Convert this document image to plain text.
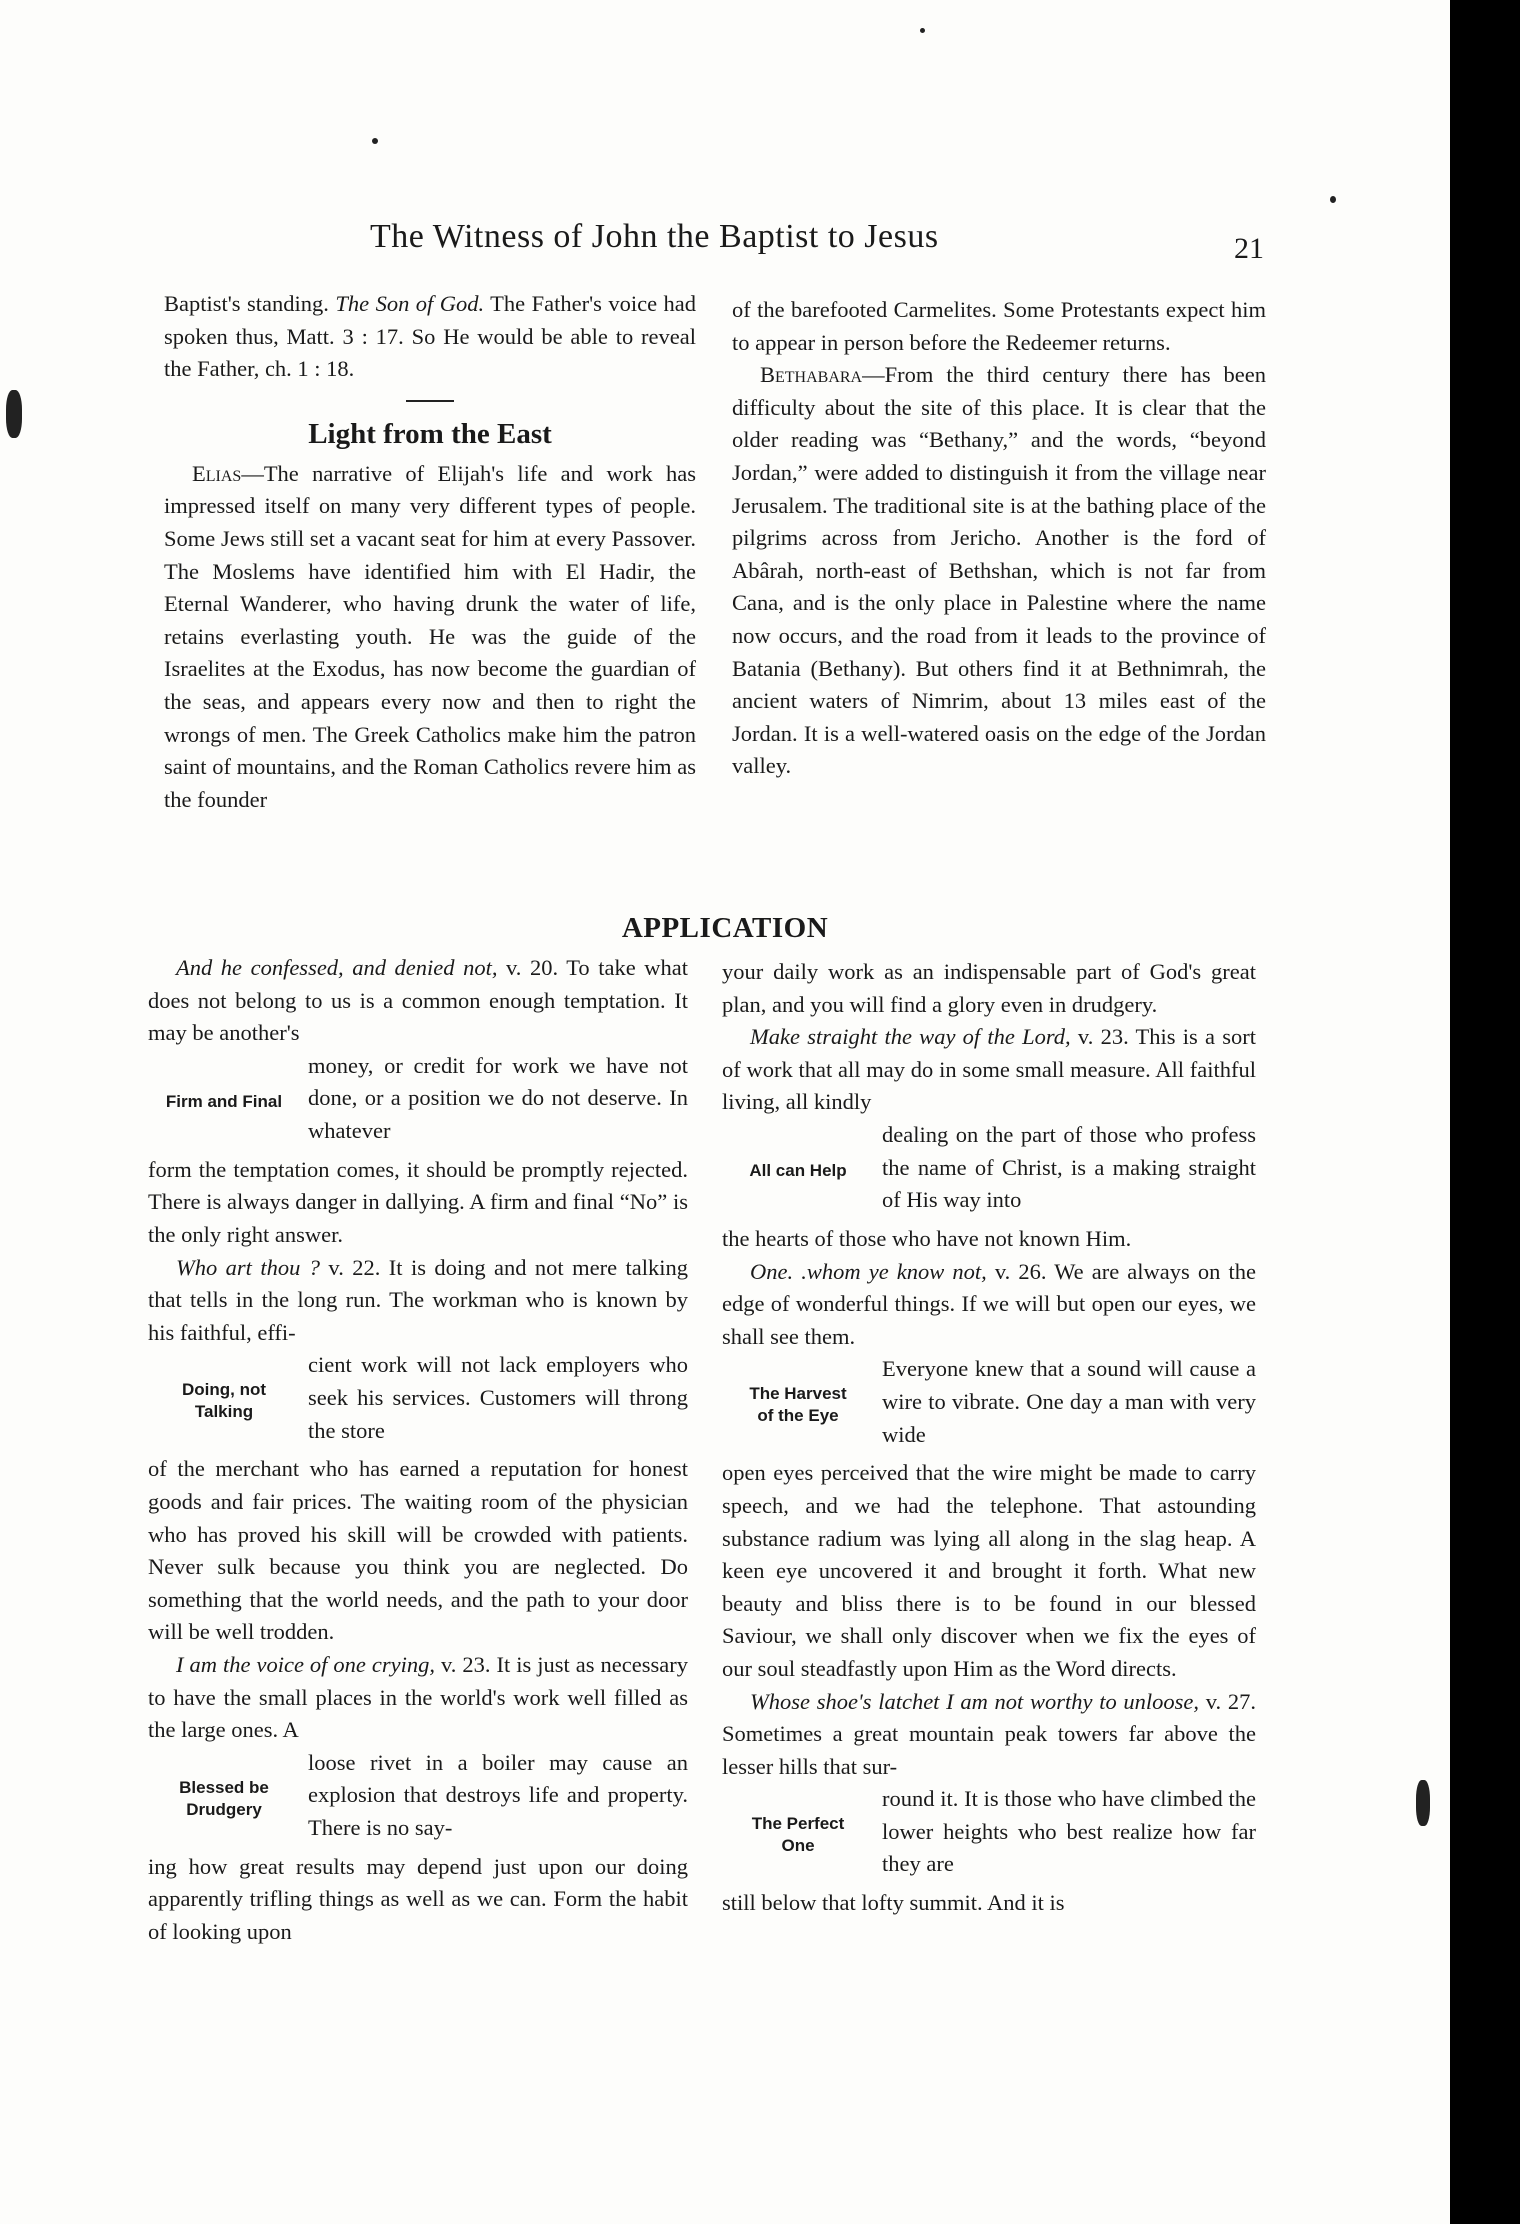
The Witness of John the Baptist to Jesus	21

Baptist's standing. The Son of God. The Father's voice had spoken thus, Matt. 3 : 17. So He would be able to reveal the Father, ch. 1 : 18.

Light from the East

Elias—The narrative of Elijah's life and work has impressed itself on many very different types of people. Some Jews still set a vacant seat for him at every Passover. The Moslems have identified him with El Hadir, the Eternal Wanderer, who having drunk the water of life, retains everlasting youth. He was the guide of the Israelites at the Exodus, has now become the guardian of the seas, and appears every now and then to right the wrongs of men. The Greek Catholics make him the patron saint of mountains, and the Roman Catholics revere him as the founder

of the barefooted Carmelites. Some Protestants expect him to appear in person before the Redeemer returns.

Bethabara—From the third century there has been difficulty about the site of this place. It is clear that the older reading was “Bethany,” and the words, “beyond Jordan,” were added to distinguish it from the village near Jerusalem. The traditional site is at the bathing place of the pilgrims across from Jericho. Another is the ford of Abârah, north-east of Bethshan, which is not far from Cana, and is the only place in Palestine where the name now occurs, and the road from it leads to the province of Batania (Bethany). But others find it at Bethnimrah, the ancient waters of Nimrim, about 13 miles east of the Jordan. It is a well-watered oasis on the edge of the Jordan valley.

APPLICATION

And he confessed, and denied not, v. 20. To take what does not belong to us is a common enough temptation. It may be another's

Firm and Final

money, or credit for work we have not done, or a position we do not deserve. In whatever

form the temptation comes, it should be promptly rejected. There is always danger in dallying. A firm and final “No” is the only right answer.

Who art thou ? v. 22. It is doing and not mere talking that tells in the long run. The workman who is known by his faithful, effi-

Doing, not
Talking

cient work will not lack employers who seek his services. Customers will throng the store

of the merchant who has earned a reputation for honest goods and fair prices. The waiting room of the physician who has proved his skill will be crowded with patients. Never sulk because you think you are neglected. Do something that the world needs, and the path to your door will be well trodden.

I am the voice of one crying, v. 23. It is just as necessary to have the small places in the world's work well filled as the large ones. A

Blessed be
Drudgery

loose rivet in a boiler may cause an explosion that destroys life and property. There is no say-

ing how great results may depend just upon our doing apparently trifling things as well as we can. Form the habit of looking upon

your daily work as an indispensable part of God's great plan, and you will find a glory even in drudgery.

Make straight the way of the Lord, v. 23. This is a sort of work that all may do in some small measure. All faithful living, all kindly

All can Help

dealing on the part of those who profess the name of Christ, is a making straight of His way into

the hearts of those who have not known Him.

One. .whom ye know not, v. 26. We are always on the edge of wonderful things. If we will but open our eyes, we shall see them.

The Harvest
of the Eye

Everyone knew that a sound will cause a wire to vibrate. One day a man with very wide

open eyes perceived that the wire might be made to carry speech, and we had the telephone. That astounding substance radium was lying all along in the slag heap. A keen eye uncovered it and brought it forth. What new beauty and bliss there is to be found in our blessed Saviour, we shall only discover when we fix the eyes of our soul steadfastly upon Him as the Word directs.

Whose shoe's latchet I am not worthy to unloose, v. 27. Sometimes a great mountain peak towers far above the lesser hills that sur-

The Perfect
One

round it. It is those who have climbed the lower heights who best realize how far they are

still below that lofty summit. And it is
